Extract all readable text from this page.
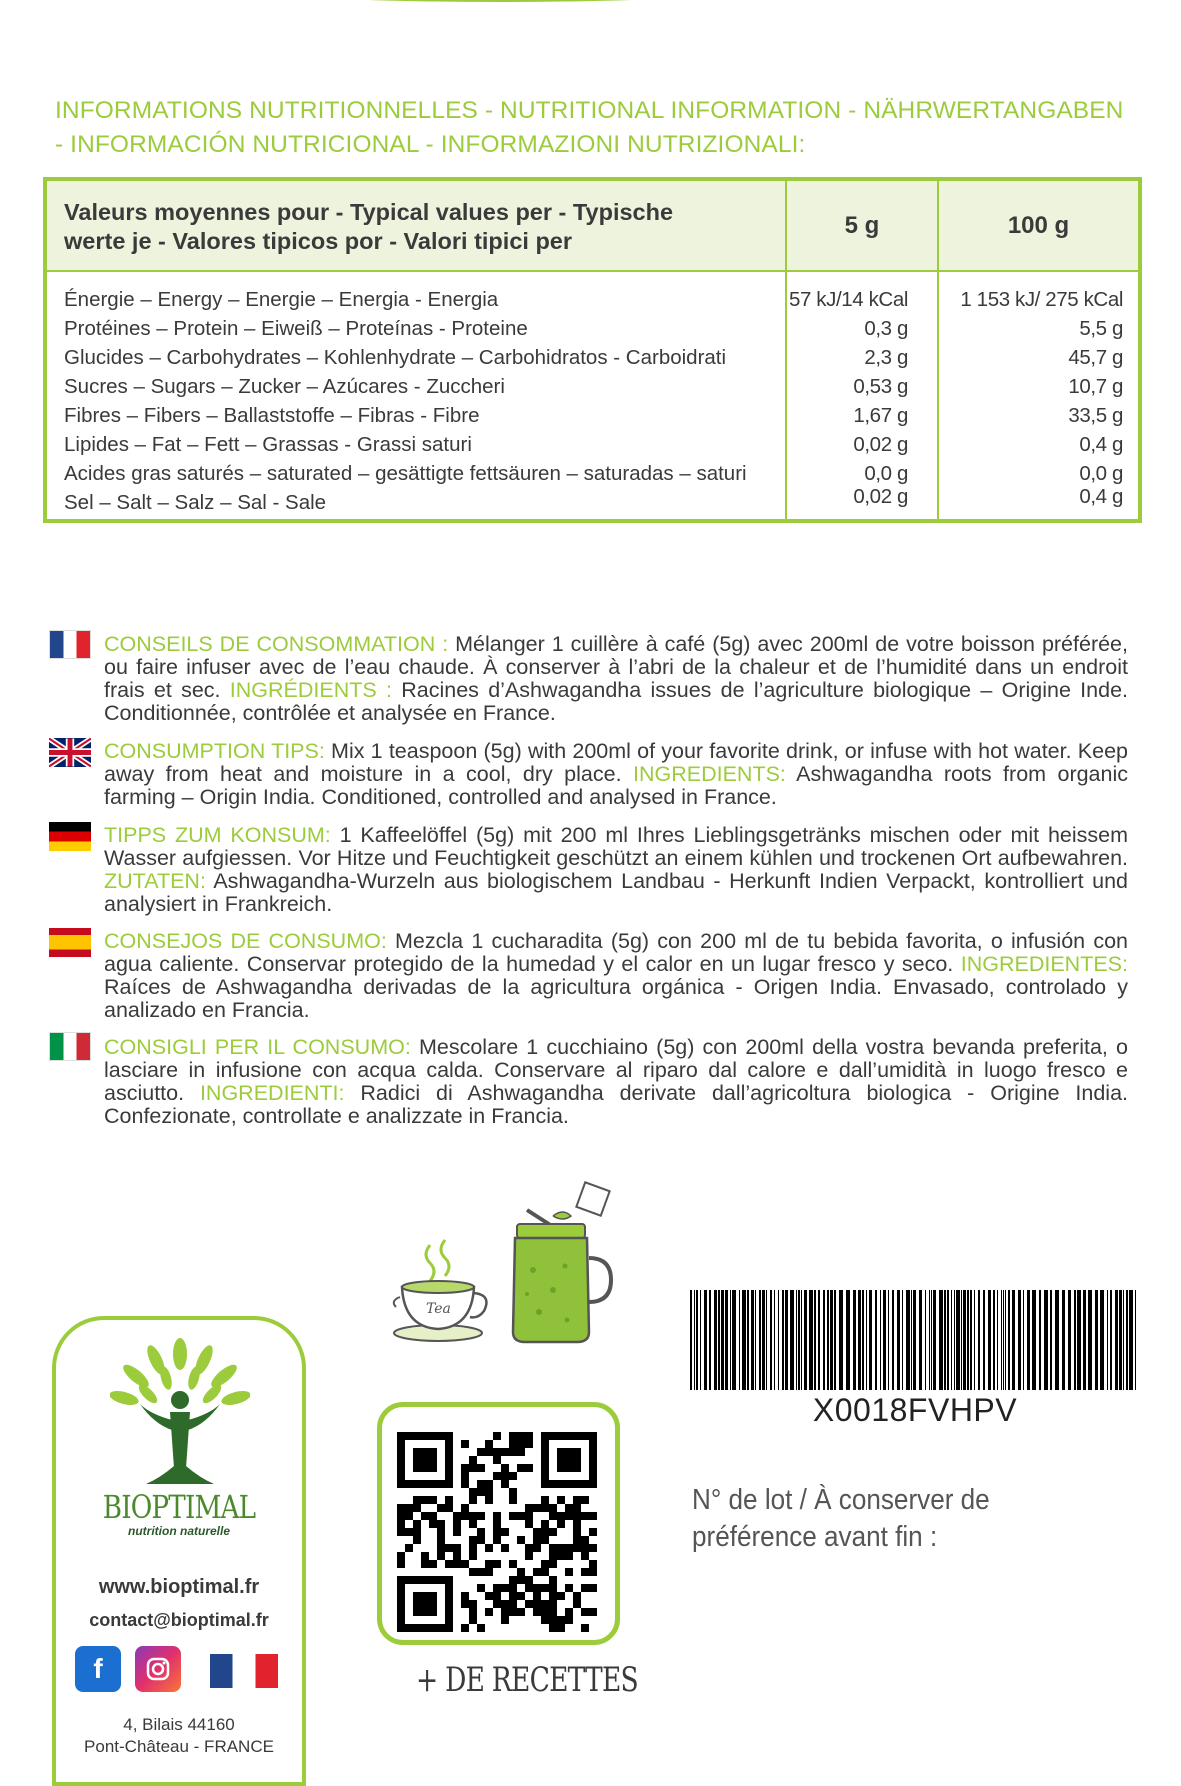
INFORMATIONS NUTRITIONNELLES - NUTRITIONAL INFORMATION - NÄHRWERTANGABEN
- INFORMACIÓN NUTRICIONAL - INFORMAZIONI NUTRIZIONALI:
Valeurs moyennes pour - Typical values per - Typische
werte je - Valores tipicos por - Valori tipici per
5 g	100 g
Énergie – Energy – Energie – Energia - Energia	57 kJ/14 kCal	1 153 kJ/ 275 kCal
Protéines – Protein – Eiweiß – Proteínas - Proteine	0,3 g	5,5 g
Glucides – Carbohydrates – Kohlenhydrate – Carbohidratos - Carboidrati	2,3 g	45,7 g
Sucres – Sugars – Zucker – Azúcares - Zuccheri	0,53 g	10,7 g
Fibres – Fibers – Ballaststoffe – Fibras - Fibre	1,67 g	33,5 g
Lipides – Fat – Fett – Grassas - Grassi saturi	0,02 g	0,4 g
Acides gras saturés – saturated – gesättigte fettsäuren – saturadas – saturi	0,0 g	0,0 g
Sel – Salt – Salz – Sal - Sale	0,02 g	0,4 g
CONSEILS DE CONSOMMATION : Mélanger 1 cuillère à café (5g) avec 200ml de votre boisson préférée, ou faire infuser avec de l’eau chaude. À conserver à l’abri de la chaleur et de l’humidité dans un endroit frais et sec. INGRÉDIENTS : Racines d’Ashwagandha issues de l’agriculture biologique – Origine Inde. Conditionnée, contrôlée et analysée en France.
CONSUMPTION TIPS: Mix 1 teaspoon (5g) with 200ml of your favorite drink, or infuse with hot water. Keep away from heat and moisture in a cool, dry place. INGREDIENTS: Ashwagandha roots from organic farming – Origin India. Conditioned, controlled and analysed in France.
TIPPS ZUM KONSUM: 1 Kaffeelöffel (5g) mit 200 ml Ihres Lieblingsgetränks mischen oder mit heissem Wasser aufgiessen. Vor Hitze und Feuchtigkeit geschützt an einem kühlen und trockenen Ort aufbewahren. ZUTATEN: Ashwagandha-Wurzeln aus biologischem Landbau - Herkunft Indien Verpackt, kontrolliert und analysiert in Frankreich.
CONSEJOS DE CONSUMO: Mezcla 1 cucharadita (5g) con 200 ml de tu bebida favorita, o infusión con agua caliente. Conservar protegido de la humedad y el calor en un lugar fresco y seco. INGREDIENTES: Raíces de Ashwagandha derivadas de la agricultura orgánica - Origen India. Envasado, controlado y analizado en Francia.
CONSIGLI PER IL CONSUMO: Mescolare 1 cucchiaino (5g) con 200ml della vostra bevanda preferita, o lasciare in infusione con acqua calda. Conservare al riparo dal calore e dall’umidità in luogo fresco e asciutto. INGREDIENTI: Radici di Ashwagandha derivate dall’agricoltura biologica - Origine India. Confezionate, controllate e analizzate in Francia.
Tea
BIOPTIMAL
nutrition naturelle
www.bioptimal.fr
contact@bioptimal.fr
f
4, Bilais 44160
Pont-Château - FRANCE
+ DE RECETTES
X0018FVHPV
N° de lot / À conserver de préférence avant fin :
